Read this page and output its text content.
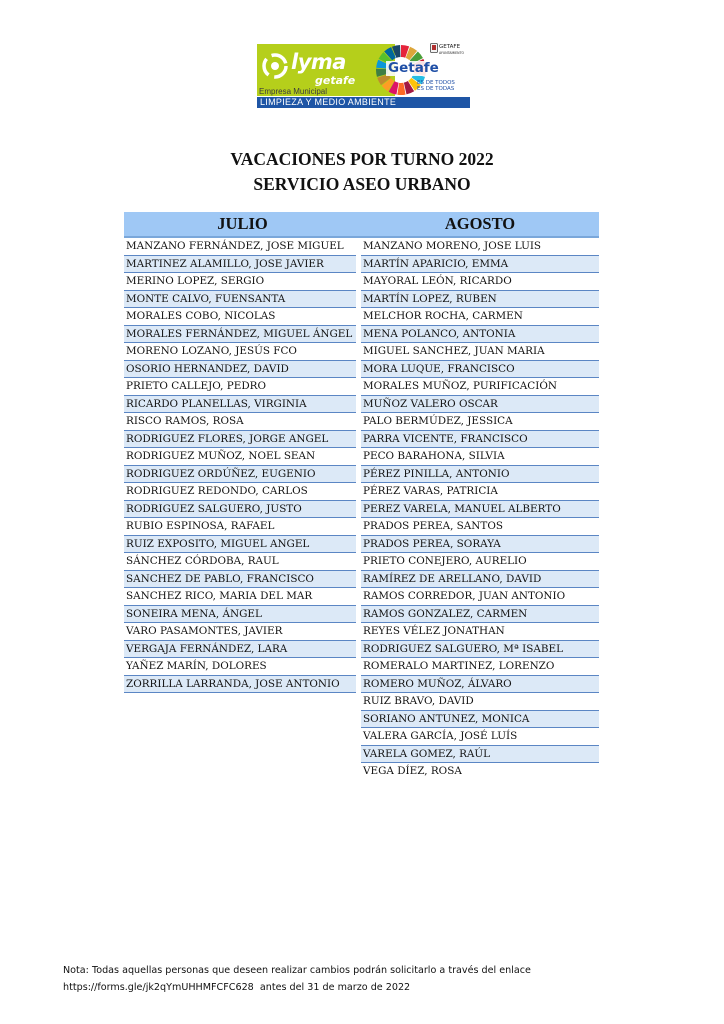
lyma
getafe
Getafe
ES DE TODOS
ES DE TODAS
GETAFE
AYUNTAMIENTO
Empresa Municipal
LIMPIEZA Y MEDIO AMBIENTE
VACACIONES POR TURNO 2022
SERVICIO ASEO URBANO
JULIO	AGOSTO
MANZANO FERNÁNDEZ, JOSE MIGUEL
MARTINEZ ALAMILLO, JOSE JAVIER
MERINO LOPEZ, SERGIO
MONTE CALVO, FUENSANTA
MORALES COBO, NICOLAS
MORALES FERNÁNDEZ, MIGUEL ÁNGEL
MORENO LOZANO, JESÚS FCO
OSORIO HERNANDEZ, DAVID
PRIETO CALLEJO, PEDRO
RICARDO PLANELLAS, VIRGINIA
RISCO RAMOS, ROSA
RODRIGUEZ FLORES, JORGE ANGEL
RODRIGUEZ MUÑOZ, NOEL SEAN
RODRIGUEZ ORDÚÑEZ, EUGENIO
RODRIGUEZ REDONDO, CARLOS
RODRIGUEZ SALGUERO, JUSTO
RUBIO ESPINOSA, RAFAEL
RUIZ EXPOSITO, MIGUEL ANGEL
SÁNCHEZ CÓRDOBA, RAUL
SANCHEZ DE PABLO, FRANCISCO
SANCHEZ RICO, MARIA DEL MAR
SONEIRA MENA, ÁNGEL
VARO PASAMONTES, JAVIER
VERGAJA FERNÁNDEZ, LARA
YAÑEZ MARÍN, DOLORES
ZORRILLA LARRANDA, JOSE ANTONIO
MANZANO MORENO, JOSE LUIS
MARTÍN APARICIO, EMMA
MAYORAL LEÓN, RICARDO
MARTÍN LOPEZ, RUBEN
MELCHOR ROCHA, CARMEN
MENA POLANCO, ANTONIA
MIGUEL SANCHEZ, JUAN MARIA
MORA LUQUE, FRANCISCO
MORALES MUÑOZ, PURIFICACIÓN
MUÑOZ VALERO OSCAR
PALO BERMÚDEZ, JESSICA
PARRA VICENTE, FRANCISCO
PECO BARAHONA, SILVIA
PÉREZ PINILLA, ANTONIO
PÉREZ VARAS, PATRICIA
PEREZ VARELA, MANUEL ALBERTO
PRADOS PEREA, SANTOS
PRADOS PEREA, SORAYA
PRIETO CONEJERO, AURELIO
RAMÍREZ DE ARELLANO, DAVID
RAMOS CORREDOR, JUAN ANTONIO
RAMOS GONZALEZ, CARMEN
REYES VÉLEZ JONATHAN
RODRIGUEZ SALGUERO, Mª ISABEL
ROMERALO MARTINEZ, LORENZO
ROMERO MUÑOZ, ÁLVARO
RUIZ BRAVO, DAVID
SORIANO ANTUNEZ, MONICA
VALERA GARCÍA, JOSÉ LUÍS
VARELA GOMEZ, RAÚL
VEGA DÍEZ, ROSA
Nota: Todas aquellas personas que deseen realizar cambios podrán solicitarlo a través del enlace
https://forms.gle/jk2qYmUHHMFCFC628  antes del 31 de marzo de 2022
